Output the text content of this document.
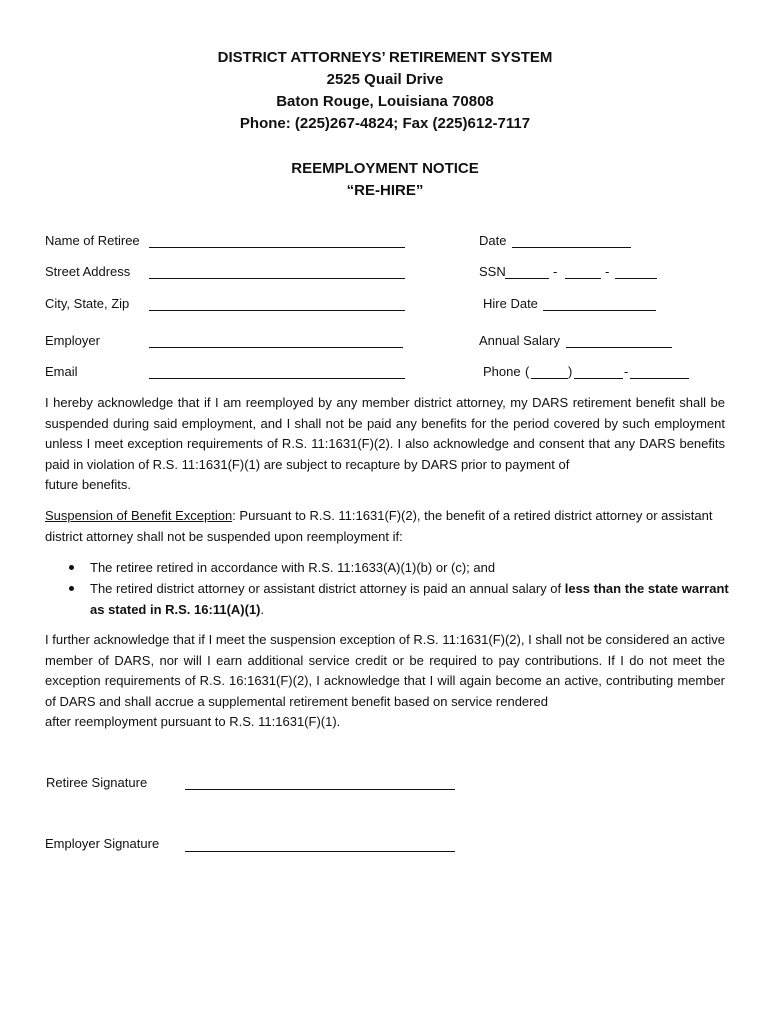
DISTRICT ATTORNEYS’ RETIREMENT SYSTEM
2525 Quail Drive
Baton Rouge, Louisiana 70808
Phone: (225)267-4824; Fax (225)612-7117
REEMPLOYMENT NOTICE
“RE-HIRE”
Name of Retiree	Date
Street Address	SSN	-	-
City, State, Zip	Hire Date
Employer	Annual Salary
Email	Phone (	)	-
I hereby acknowledge that if I am reemployed by any member district attorney, my DARS retirement benefit shall be suspended during said employment, and I shall not be paid any benefits for the period covered by such employment unless I meet exception requirements of R.S. 11:1631(F)(2). I also acknowledge and consent that any DARS benefits paid in violation of R.S. 11:1631(F)(1) are subject to recapture by DARS prior to payment of
future benefits.
Suspension of Benefit Exception: Pursuant to R.S. 11:1631(F)(2), the benefit of a retired district attorney or assistant district attorney shall not be suspended upon reemployment if:
The retiree retired in accordance with R.S. 11:1633(A)(1)(b) or (c); and
The retired district attorney or assistant district attorney is paid an annual salary of less than the state warrant as stated in R.S. 16:11(A)(1).
I further acknowledge that if I meet the suspension exception of R.S. 11:1631(F)(2), I shall not be considered an active member of DARS, nor will I earn additional service credit or be required to pay contributions. If I do not meet the exception requirements of R.S. 16:1631(F)(2), I acknowledge that I will again become an active, contributing member of DARS and shall accrue a supplemental retirement benefit based on service rendered
after reemployment pursuant to R.S. 11:1631(F)(1).
Retiree Signature
Employer Signature
